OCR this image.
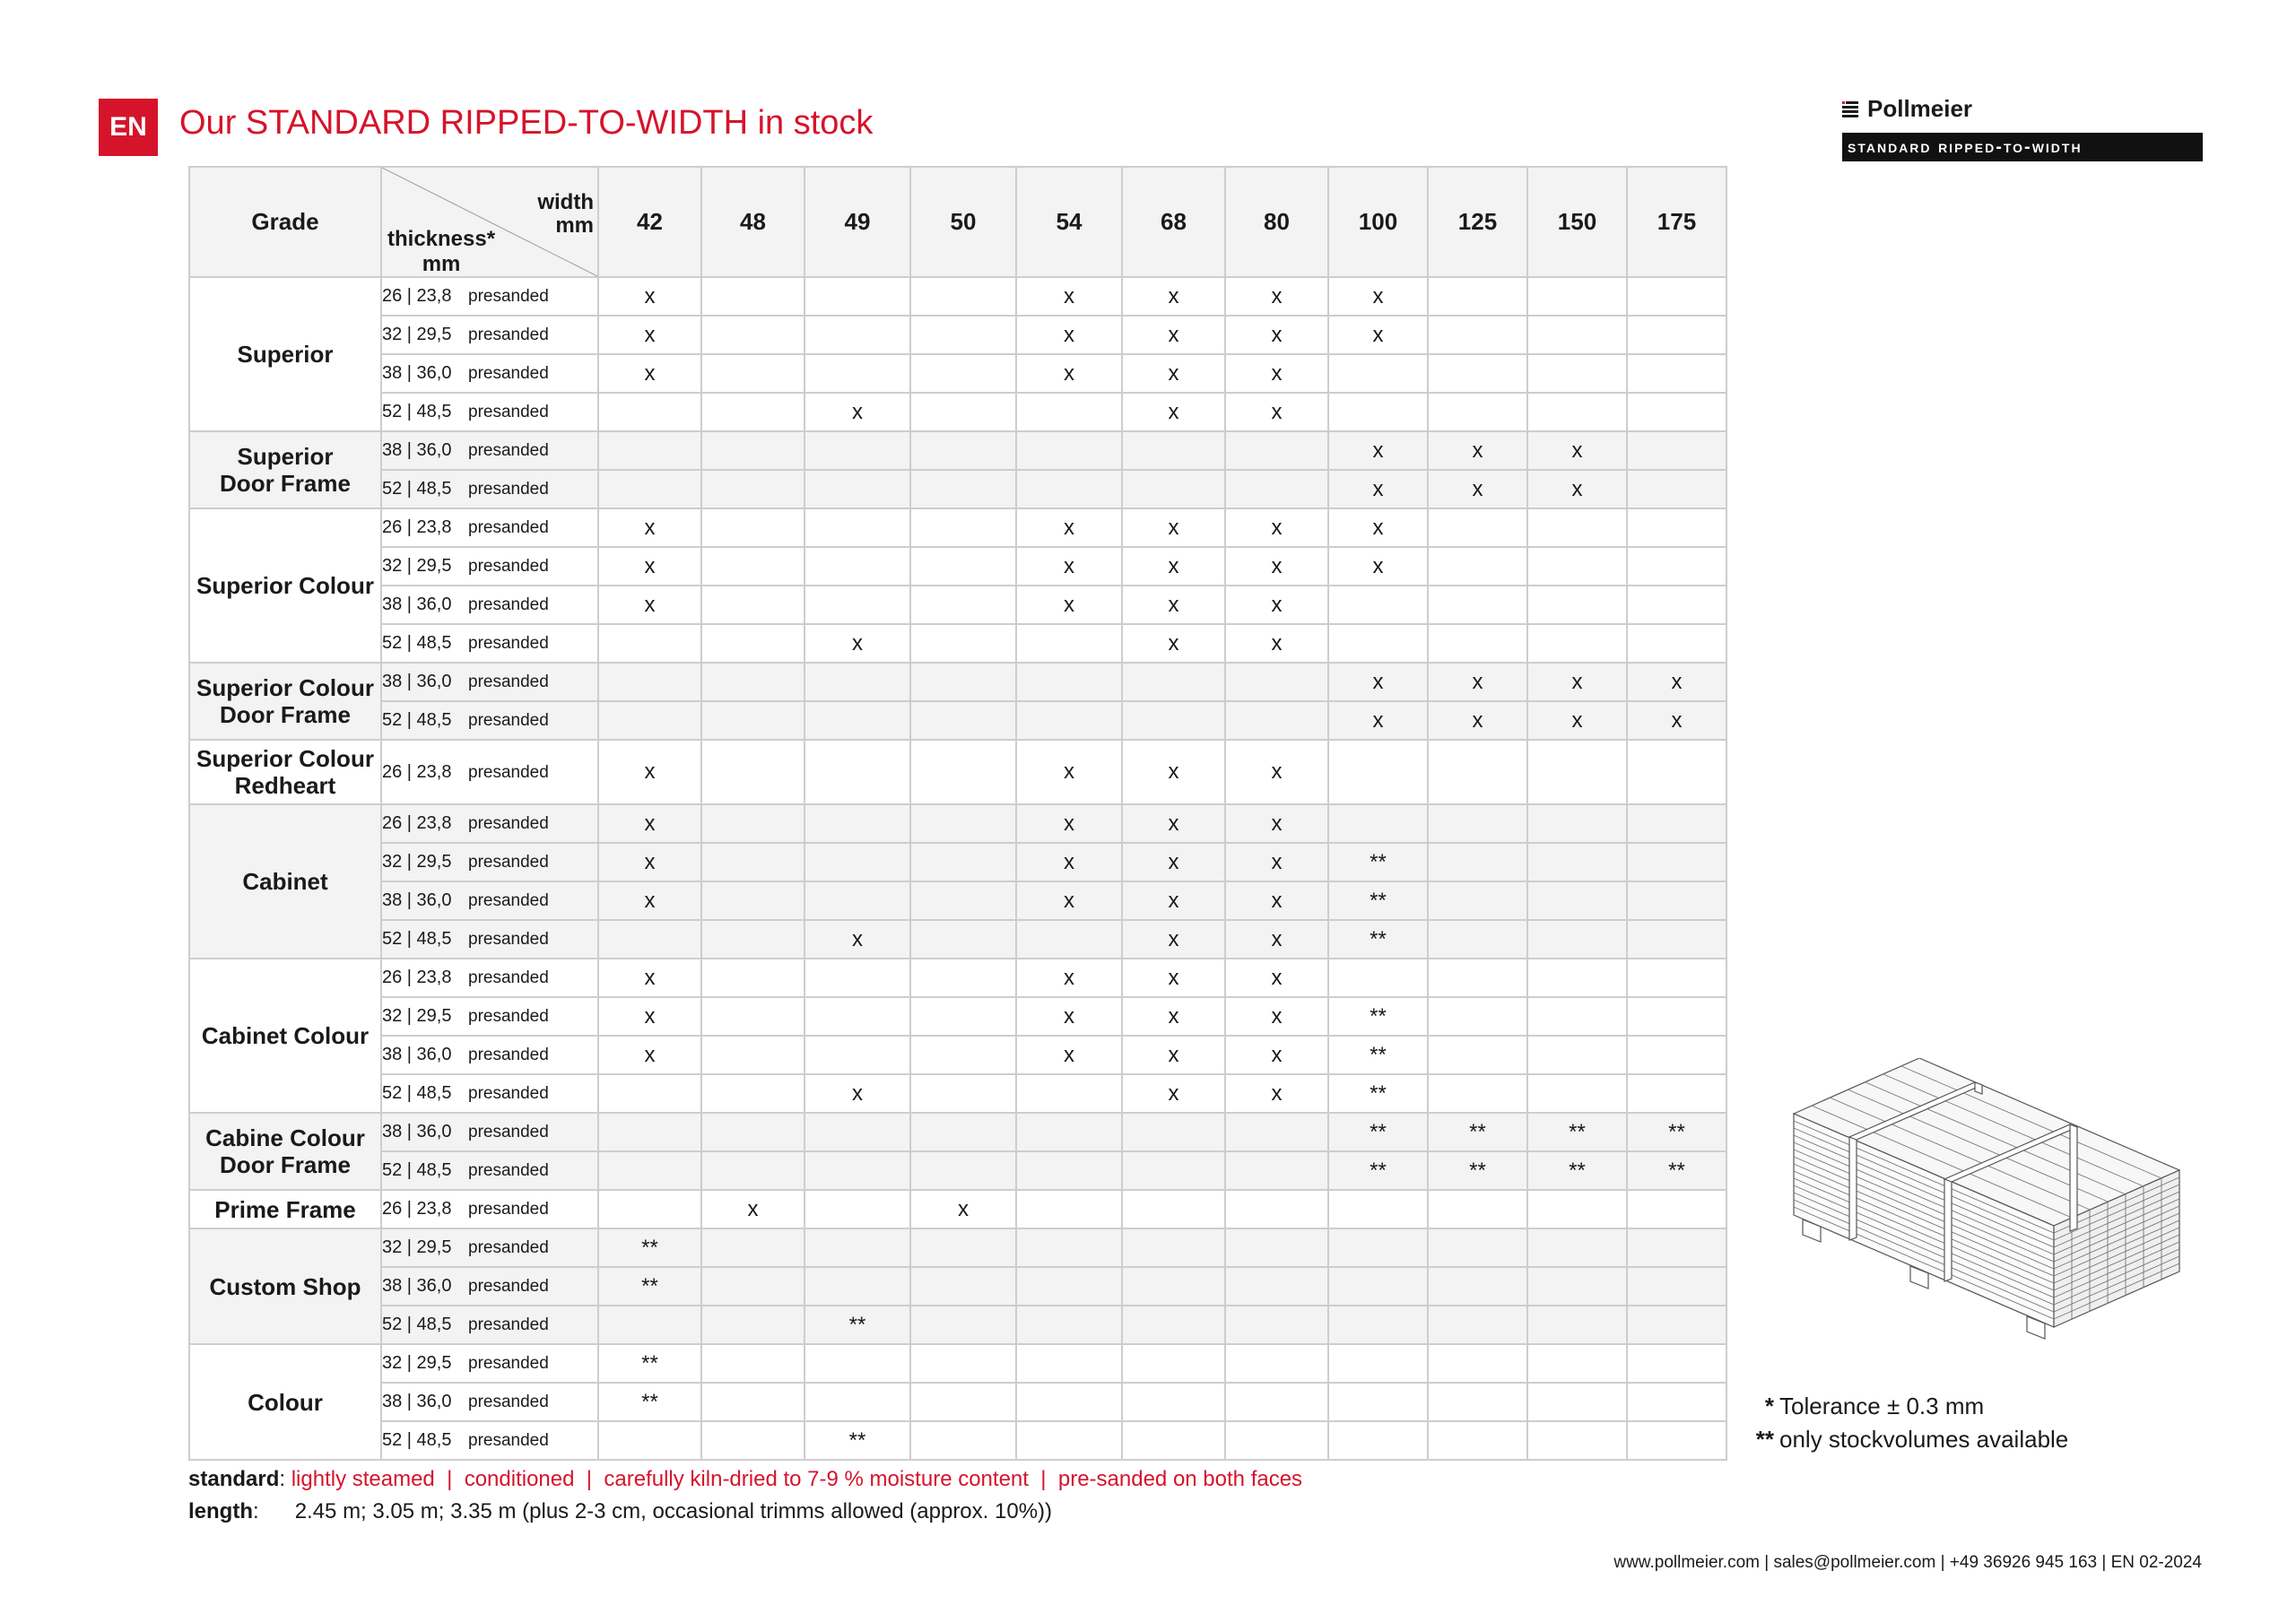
EN Our STANDARD RIPPED-TO-WIDTH in stock	Pollmeier
standard ripped-to-width
Grade	width
mm
thickness*
mm	42	48	49	50	54	68	80	100	125	150	175

Superior	26 | 23,8 presanded	x				x	x	x	x			
	32 | 29,5 presanded	x				x	x	x	x			
	38 | 36,0 presanded	x				x	x	x				
	52 | 48,5 presanded			x			x	x				

Superior
Door Frame	38 | 36,0 presanded								x	x	x	
	52 | 48,5 presanded								x	x	x	

Superior Colour	26 | 23,8 presanded	x				x	x	x	x			
	32 | 29,5 presanded	x				x	x	x	x			
	38 | 36,0 presanded	x				x	x	x				
	52 | 48,5 presanded			x			x	x				

Superior Colour
Door Frame	38 | 36,0 presanded								x	x	x	x
	52 | 48,5 presanded								x	x	x	x

Superior Colour
Redheart	26 | 23,8 presanded	x				x	x	x				

Cabinet	26 | 23,8 presanded	x				x	x	x				
	32 | 29,5 presanded	x				x	x	x	**			
	38 | 36,0 presanded	x				x	x	x	**			
	52 | 48,5 presanded			x			x	x	**			

Cabinet Colour	26 | 23,8 presanded	x				x	x	x				
	32 | 29,5 presanded	x				x	x	x	**			
	38 | 36,0 presanded	x				x	x	x	**			
	52 | 48,5 presanded			x			x	x	**			

Cabine Colour
Door Frame	38 | 36,0 presanded								**	**	**	**
	52 | 48,5 presanded								**	**	**	**

Prime Frame	26 | 23,8 presanded		x		x							

Custom Shop	32 | 29,5 presanded	**										
	38 | 36,0 presanded	**										
	52 | 48,5 presanded			**								

Colour	32 | 29,5 presanded	**										
	38 | 36,0 presanded	**										
	52 | 48,5 presanded			**								
standard: lightly steamed  |  conditioned  |  carefully kiln-dried to 7-9 % moisture content  |  pre-sanded on both faces
length:      2.45 m; 3.05 m; 3.35 m (plus 2-3 cm, occasional trimms allowed (approx. 10%))
* Tolerance ± 0.3 mm
** only stockvolumes available
www.pollmeier.com | sales@pollmeier.com | +49 36926 945 163 | EN 02-2024
